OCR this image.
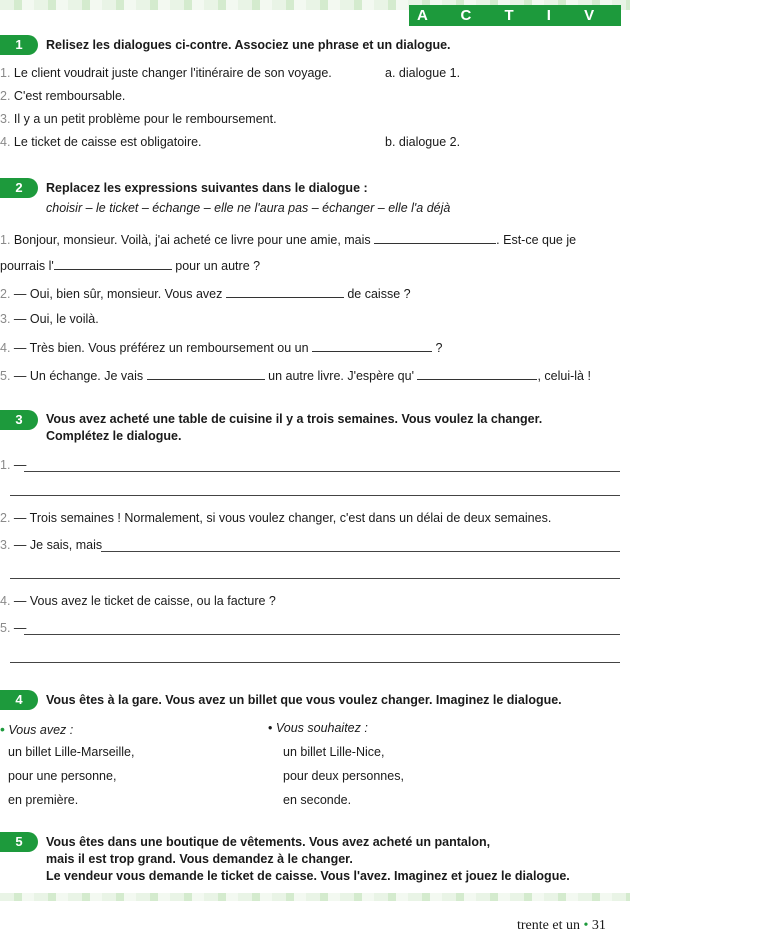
A C T I V I T É S
1	Relisez les dialogues ci-contre. Associez une phrase et un dialogue.
1. Le client voudrait juste changer l'itinéraire de son voyage.
2. C'est remboursable.
3. Il y a un petit problème pour le remboursement.
4. Le ticket de caisse est obligatoire.
a. dialogue 1.
b. dialogue 2.
2	Replacez les expressions suivantes dans le dialogue :
choisir – le ticket – échange – elle ne l'aura pas – échanger – elle l'a déjà
1. Bonjour, monsieur. Voilà, j'ai acheté ce livre pour une amie, mais	. Est-ce que je
pourrais l'	pour un autre ?
2. — Oui, bien sûr, monsieur. Vous avez	de caisse ?
3. — Oui, le voilà.
4. — Très bien. Vous préférez un remboursement ou un	?
5. — Un échange. Je vais	un autre livre. J'espère qu'	, celui-là !
3	Vous avez acheté une table de cuisine il y a trois semaines. Vous voulez la changer.
Complétez le dialogue.
1. —
2. — Trois semaines ! Normalement, si vous voulez changer, c'est dans un délai de deux semaines.
3. — Je sais, mais
4. — Vous avez le ticket de caisse, ou la facture ?
5. —
4	Vous êtes à la gare. Vous avez un billet que vous voulez changer. Imaginez le dialogue.
• Vous avez :
un billet Lille-Marseille,
pour une personne,
en première.
• Vous souhaitez :
un billet Lille-Nice,
pour deux personnes,
en seconde.
5	Vous êtes dans une boutique de vêtements. Vous avez acheté un pantalon,
mais il est trop grand. Vous demandez à le changer.
Le vendeur vous demande le ticket de caisse. Vous l'avez. Imaginez et jouez le dialogue.
trente et un • 31
